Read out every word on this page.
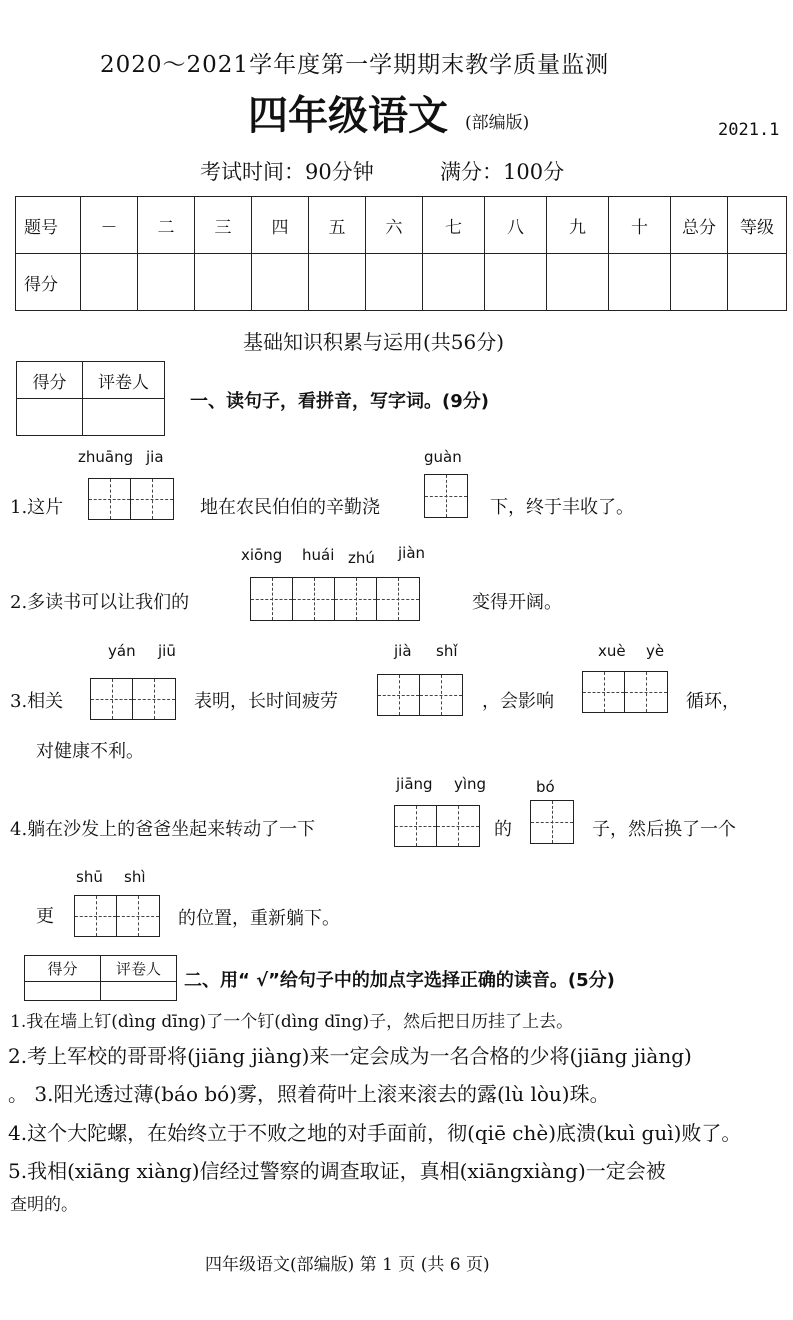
2020～2021学年度第一学期期末教学质量监测
四年级语文 (部编版)	2021.1
考试时间：90分钟	满分：100分
题号	－	二	三	四	五	六	七	八	九	十	总分	等级
得分												
基础知识积累与运用(共56分)
得分	评卷人

一、读句子，看拼音，写字词。(9分)
zhuāng jia	guàn
1.这片	地在农民伯伯的辛勤浇	下，终于丰收了。
xiōng huái zhú jiàn
2.多读书可以让我们的	变得开阔。
yán jiū	jià shǐ	xuè yè
3.相关	表明，长时间疲劳	，会影响	循环，
对健康不利。
jiāng yìng	bó
4.躺在沙发上的爸爸坐起来转动了一下	的	子，然后换了一个
shū shì
更	的位置，重新躺下。
得分	评卷人

二、用“ √”给句子中的加点字选择正确的读音。(5分)
1.我在墙上钉(dìng dīng)了一个钉(dìng dīng)子，然后把日历挂了上去。
2.考上军校的哥哥将(jiāng jiàng)来一定会成为一名合格的少将(jiāng jiàng)
。 3.阳光透过薄(báo bó)雾，照着荷叶上滚来滚去的露(lù lòu)珠。
4.这个大陀螺，在始终立于不败之地的对手面前，彻(qiē chè)底溃(kuì guì)败了。
5.我相(xiāng xiàng)信经过警察的调查取证，真相(xiāngxiàng)一定会被
查明的。
四年级语文(部编版) 第 1 页 (共 6 页)
